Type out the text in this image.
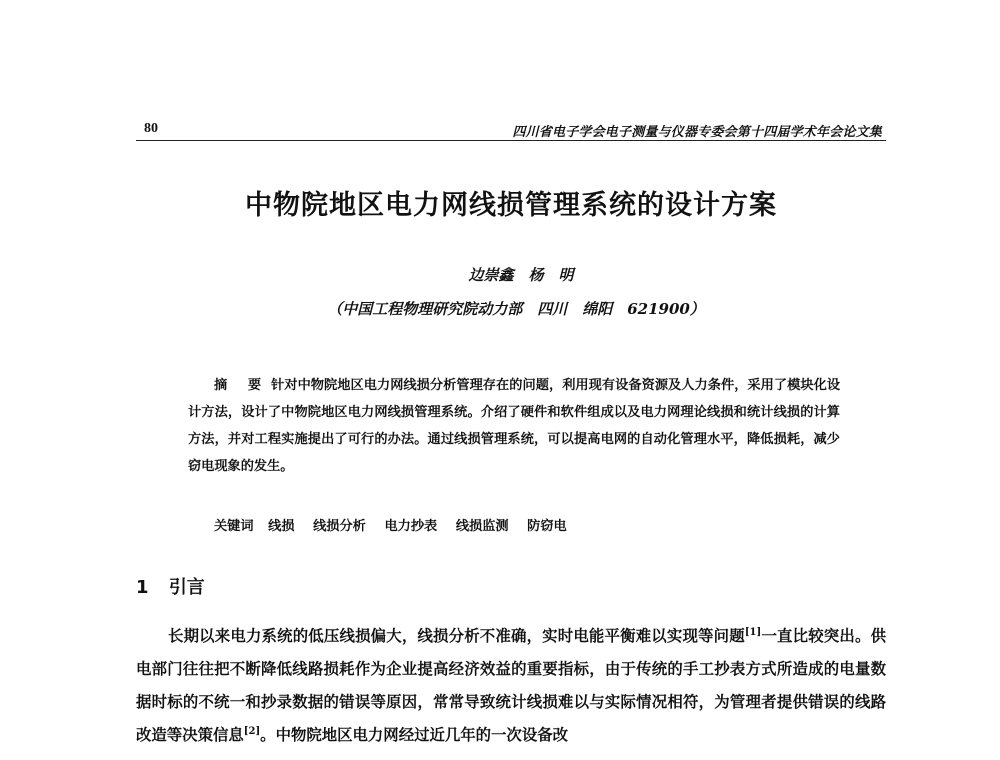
80	四川省电子学会电子测量与仪器专委会第十四届学术年会论文集
中物院地区电力网线损管理系统的设计方案
边崇鑫　杨　明
（中国工程物理研究院动力部　四川　绵阳　621900）
摘 要 针对中物院地区电力网线损分析管理存在的问题，利用现有设备资源及人力条件，采用了模块化设计方法，设计了中物院地区电力网线损管理系统。介绍了硬件和软件组成以及电力网理论线损和统计线损的计算方法，并对工程实施提出了可行的办法。通过线损管理系统，可以提高电网的自动化管理水平，降低损耗，减少窃电现象的发生。
关键词 线损 线损分析 电力抄表 线损监测 防窃电
1 引言
长期以来电力系统的低压线损偏大，线损分析不准确，实时电能平衡难以实现等问题[1]一直比较突出。供电部门往往把不断降低线路损耗作为企业提高经济效益的重要指标，由于传统的手工抄表方式所造成的电量数据时标的不统一和抄录数据的错误等原因，常常导致统计线损难以与实际情况相符，为管理者提供错误的线路改造等决策信息[2]。中物院地区电力网经过近几年的一次设备改
